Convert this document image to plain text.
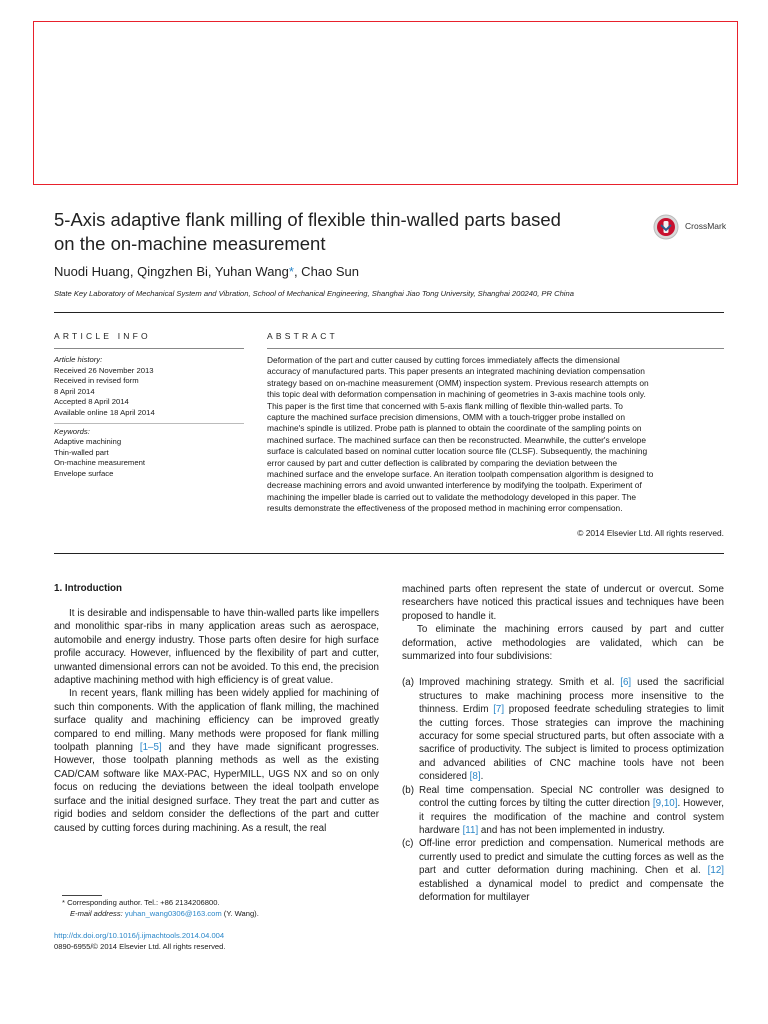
5-Axis adaptive flank milling of flexible thin-walled parts based
on the on-machine measurement
CrossMark
Nuodi Huang, Qingzhen Bi, Yuhan Wang*, Chao Sun
State Key Laboratory of Mechanical System and Vibration, School of Mechanical Engineering, Shanghai Jiao Tong University, Shanghai 200240, PR China
ARTICLE INFO	ABSTRACT
Article history:
Received 26 November 2013
Received in revised form
8 April 2014
Accepted 8 April 2014
Available online 18 April 2014
Keywords:
Adaptive machining
Thin-walled part
On-machine measurement
Envelope surface
Deformation of the part and cutter caused by cutting forces immediately affects the dimensional
accuracy of manufactured parts. This paper presents an integrated machining deviation compensation
strategy based on on-machine measurement (OMM) inspection system. Previous research attempts on
this topic deal with deformation compensation in machining of geometries in 3-axis machine tools only.
This paper is the first time that concerned with 5-axis flank milling of flexible thin-walled parts. To
capture the machined surface precision dimensions, OMM with a touch-trigger probe installed on
machine's spindle is utilized. Probe path is planned to obtain the coordinate of the sampling points on
machined surface. The machined surface can then be reconstructed. Meanwhile, the cutter's envelope
surface is calculated based on nominal cutter location source file (CLSF). Subsequently, the machining
error caused by part and cutter deflection is calibrated by comparing the deviation between the
machined surface and the envelope surface. An iteration toolpath compensation algorithm is designed to
decrease machining errors and avoid unwanted interference by modifying the toolpath. Experiment of
machining the impeller blade is carried out to validate the methodology developed in this paper. The
results demonstrate the effectiveness of the proposed method in machining error compensation.
© 2014 Elsevier Ltd. All rights reserved.
1. Introduction

It is desirable and indispensable to have thin-walled parts like impellers and monolithic spar-ribs in many application areas such as aerospace, automobile and energy industry. Those parts often desire for high surface profile accuracy. However, influenced by the flexibility of part and cutter, unwanted dimensional errors can not be avoided. To this end, the precision adaptive machining method with high efficiency is of great value.

In recent years, flank milling has been widely applied for machining of such thin components. With the application of flank milling, the machined surface quality and machining efficiency can be improved greatly compared to end milling. Many methods were proposed for flank milling toolpath planning [1–5] and they have made significant progresses. However, those toolpath planning methods as well as the existing CAD/CAM software like MAX-PAC, HyperMILL, UGS NX and so on only focus on reducing the deviations between the ideal toolpath envelope surface and the initial designed surface. They treat the part and cutter as rigid bodies and seldom consider the deflections of the part and cutter caused by cutting forces during machining. As a result, the real

machined parts often represent the state of undercut or overcut. Some researchers have noticed this practical issues and techniques have been proposed to handle it.

To eliminate the machining errors caused by part and cutter deformation, active methodologies are validated, which can be summarized into four subdivisions:

(a) Improved machining strategy. Smith et al. [6] used the sacrificial structures to make machining process more insensitive to the thinness. Erdim [7] proposed feedrate scheduling strategies to limit the cutting forces. Those strategies can improve the machining accuracy for some special structured parts, but often associate with a sacrifice of productivity. The subject is limited to process optimization and advanced abilities of CNC machine tools have not been considered [8].
(b) Real time compensation. Special NC controller was designed to control the cutting forces by tilting the cutter direction [9,10]. However, it requires the modification of the machine and control system hardware [11] and has not been implemented in industry.
(c) Off-line error prediction and compensation. Numerical methods are currently used to predict and simulate the cutting forces as well as the part and cutter deformation during machining. Chen et al. [12] established a dynamical model to predict and compensate the deformation for multilayer
* Corresponding author. Tel.: +86 2134206800.
E-mail address: yuhan_wang0306@163.com (Y. Wang).
http://dx.doi.org/10.1016/j.ijmachtools.2014.04.004
0890-6955/© 2014 Elsevier Ltd. All rights reserved.
